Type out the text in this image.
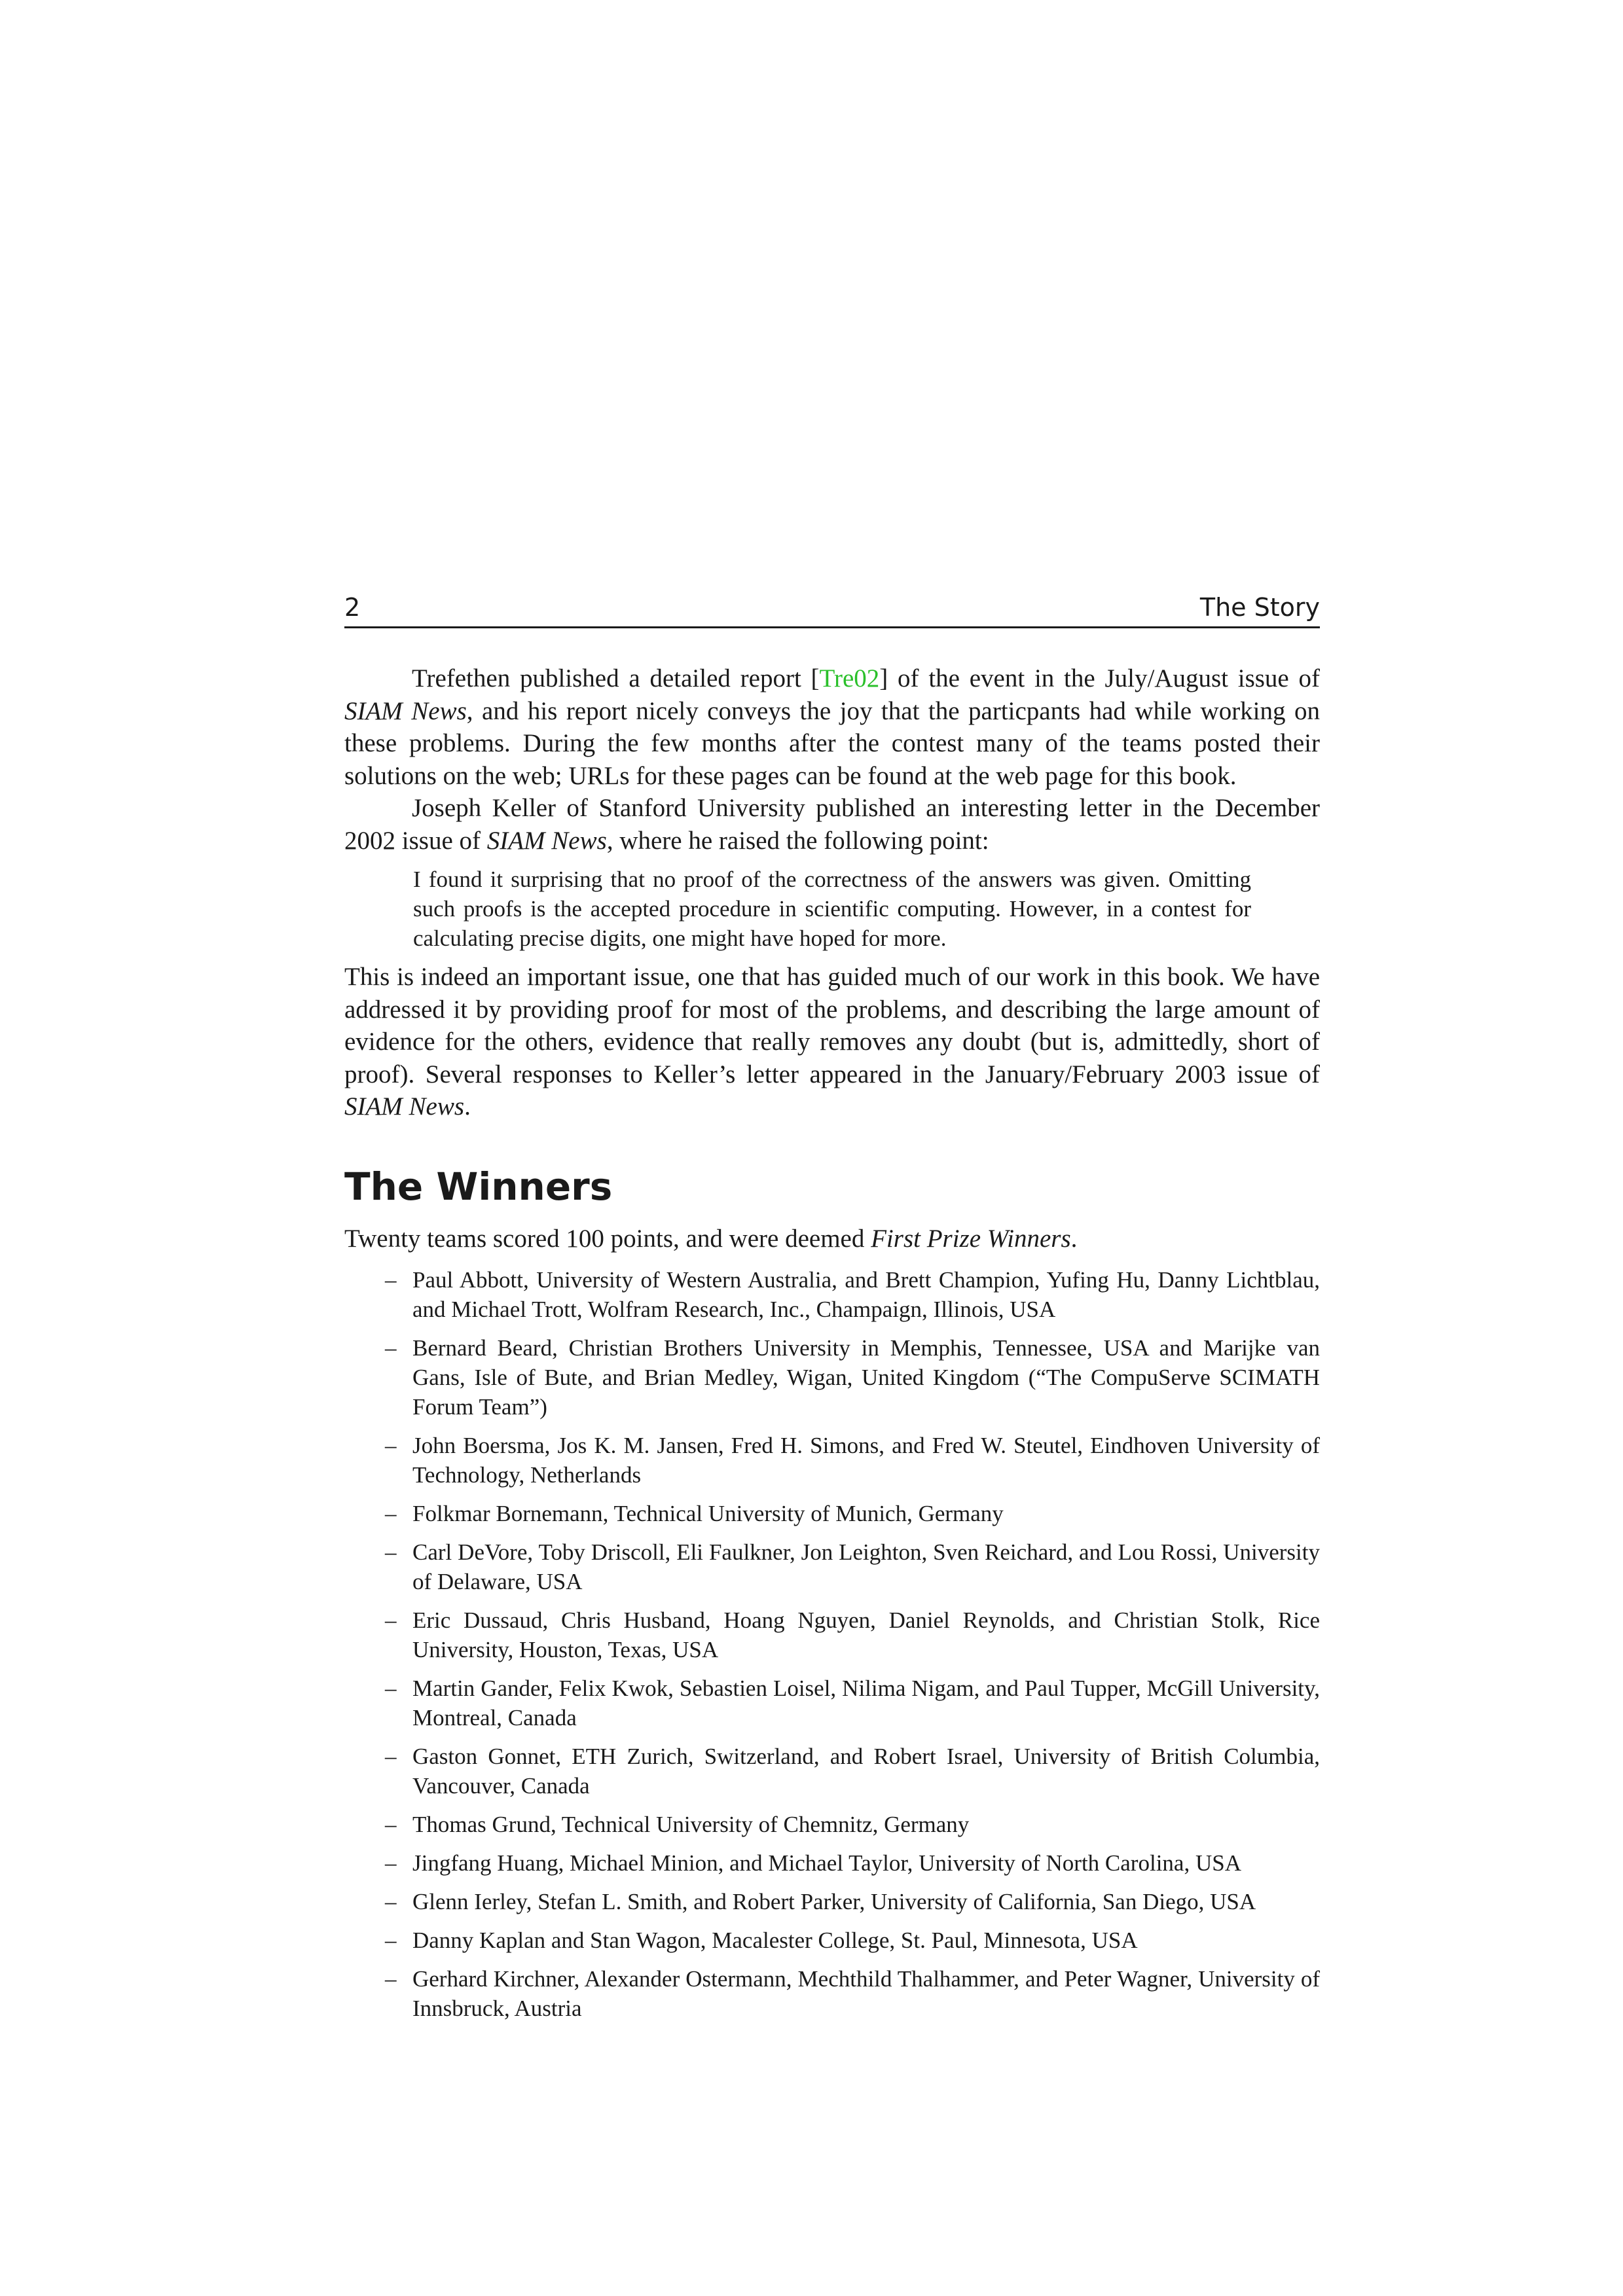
2	The Story

Trefethen published a detailed report [Tre02] of the event in the July/August issue of SIAM News, and his report nicely conveys the joy that the particpants had while working on these problems. During the few months after the contest many of the teams posted their solutions on the web; URLs for these pages can be found at the web page for this book.

Joseph Keller of Stanford University published an interesting letter in the December 2002 issue of SIAM News, where he raised the following point:

I found it surprising that no proof of the correctness of the answers was given. Omitting such proofs is the accepted procedure in scientific computing. However, in a contest for calculating precise digits, one might have hoped for more.

This is indeed an important issue, one that has guided much of our work in this book. We have addressed it by providing proof for most of the problems, and describing the large amount of evidence for the others, evidence that really removes any doubt (but is, admittedly, short of proof). Several responses to Keller’s letter appeared in the January/February 2003 issue of SIAM News.

The Winners

Twenty teams scored 100 points, and were deemed First Prize Winners.

– Paul Abbott, University of Western Australia, and Brett Champion, Yufing Hu, Danny Lichtblau, and Michael Trott, Wolfram Research, Inc., Champaign, Illinois, USA
– Bernard Beard, Christian Brothers University in Memphis, Tennessee, USA and Marijke van Gans, Isle of Bute, and Brian Medley, Wigan, United Kingdom (“The CompuServe SCIMATH Forum Team”)
– John Boersma, Jos K. M. Jansen, Fred H. Simons, and Fred W. Steutel, Eindhoven University of Technology, Netherlands
– Folkmar Bornemann, Technical University of Munich, Germany
– Carl DeVore, Toby Driscoll, Eli Faulkner, Jon Leighton, Sven Reichard, and Lou Rossi, University of Delaware, USA
– Eric Dussaud, Chris Husband, Hoang Nguyen, Daniel Reynolds, and Christian Stolk, Rice University, Houston, Texas, USA
– Martin Gander, Felix Kwok, Sebastien Loisel, Nilima Nigam, and Paul Tupper, McGill University, Montreal, Canada
– Gaston Gonnet, ETH Zurich, Switzerland, and Robert Israel, University of British Columbia, Vancouver, Canada
– Thomas Grund, Technical University of Chemnitz, Germany
– Jingfang Huang, Michael Minion, and Michael Taylor, University of North Carolina, USA
– Glenn Ierley, Stefan L. Smith, and Robert Parker, University of California, San Diego, USA
– Danny Kaplan and Stan Wagon, Macalester College, St. Paul, Minnesota, USA
– Gerhard Kirchner, Alexander Ostermann, Mechthild Thalhammer, and Peter Wagner, University of Innsbruck, Austria
